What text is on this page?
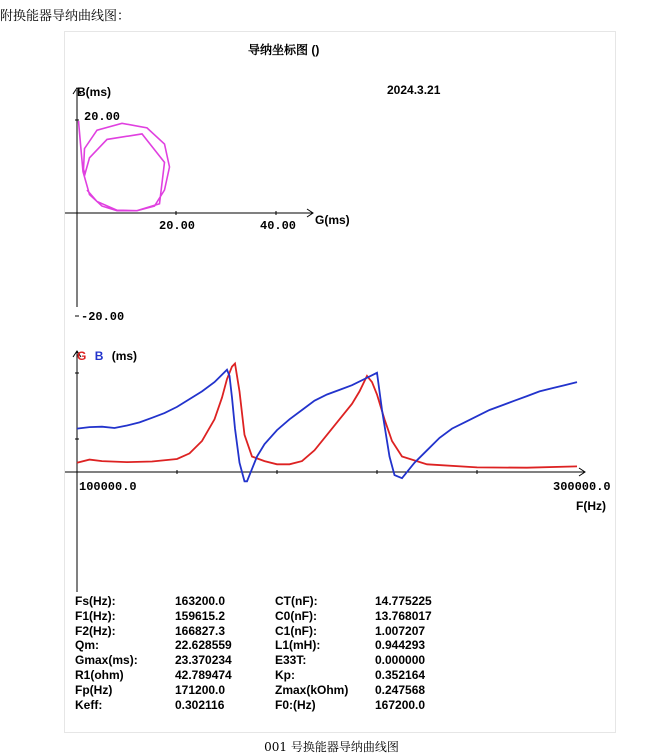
附换能器导纳曲线图：
导纳坐标图 ()
2024.3.21
B(ms)
20.00
-20.00
20.00	40.00 G(ms)
G B (ms)
100000.0	300000.0
F(Hz)
Fs(Hz):	163200.0	CT(nF):	14.775225
F1(Hz):	159615.2	C0(nF):	13.768017
F2(Hz):	166827.3	C1(nF):	1.007207
Qm:	22.628559	L1(mH):	0.944293
Gmax(ms):	23.370234	E33T:	0.000000
R1(ohm)	42.789474	Kp:	0.352164
Fp(Hz)	171200.0	Zmax(kOhm)	0.247568
Keff:	0.302116	F0:(Hz)	167200.0
001 号换能器导纳曲线图
